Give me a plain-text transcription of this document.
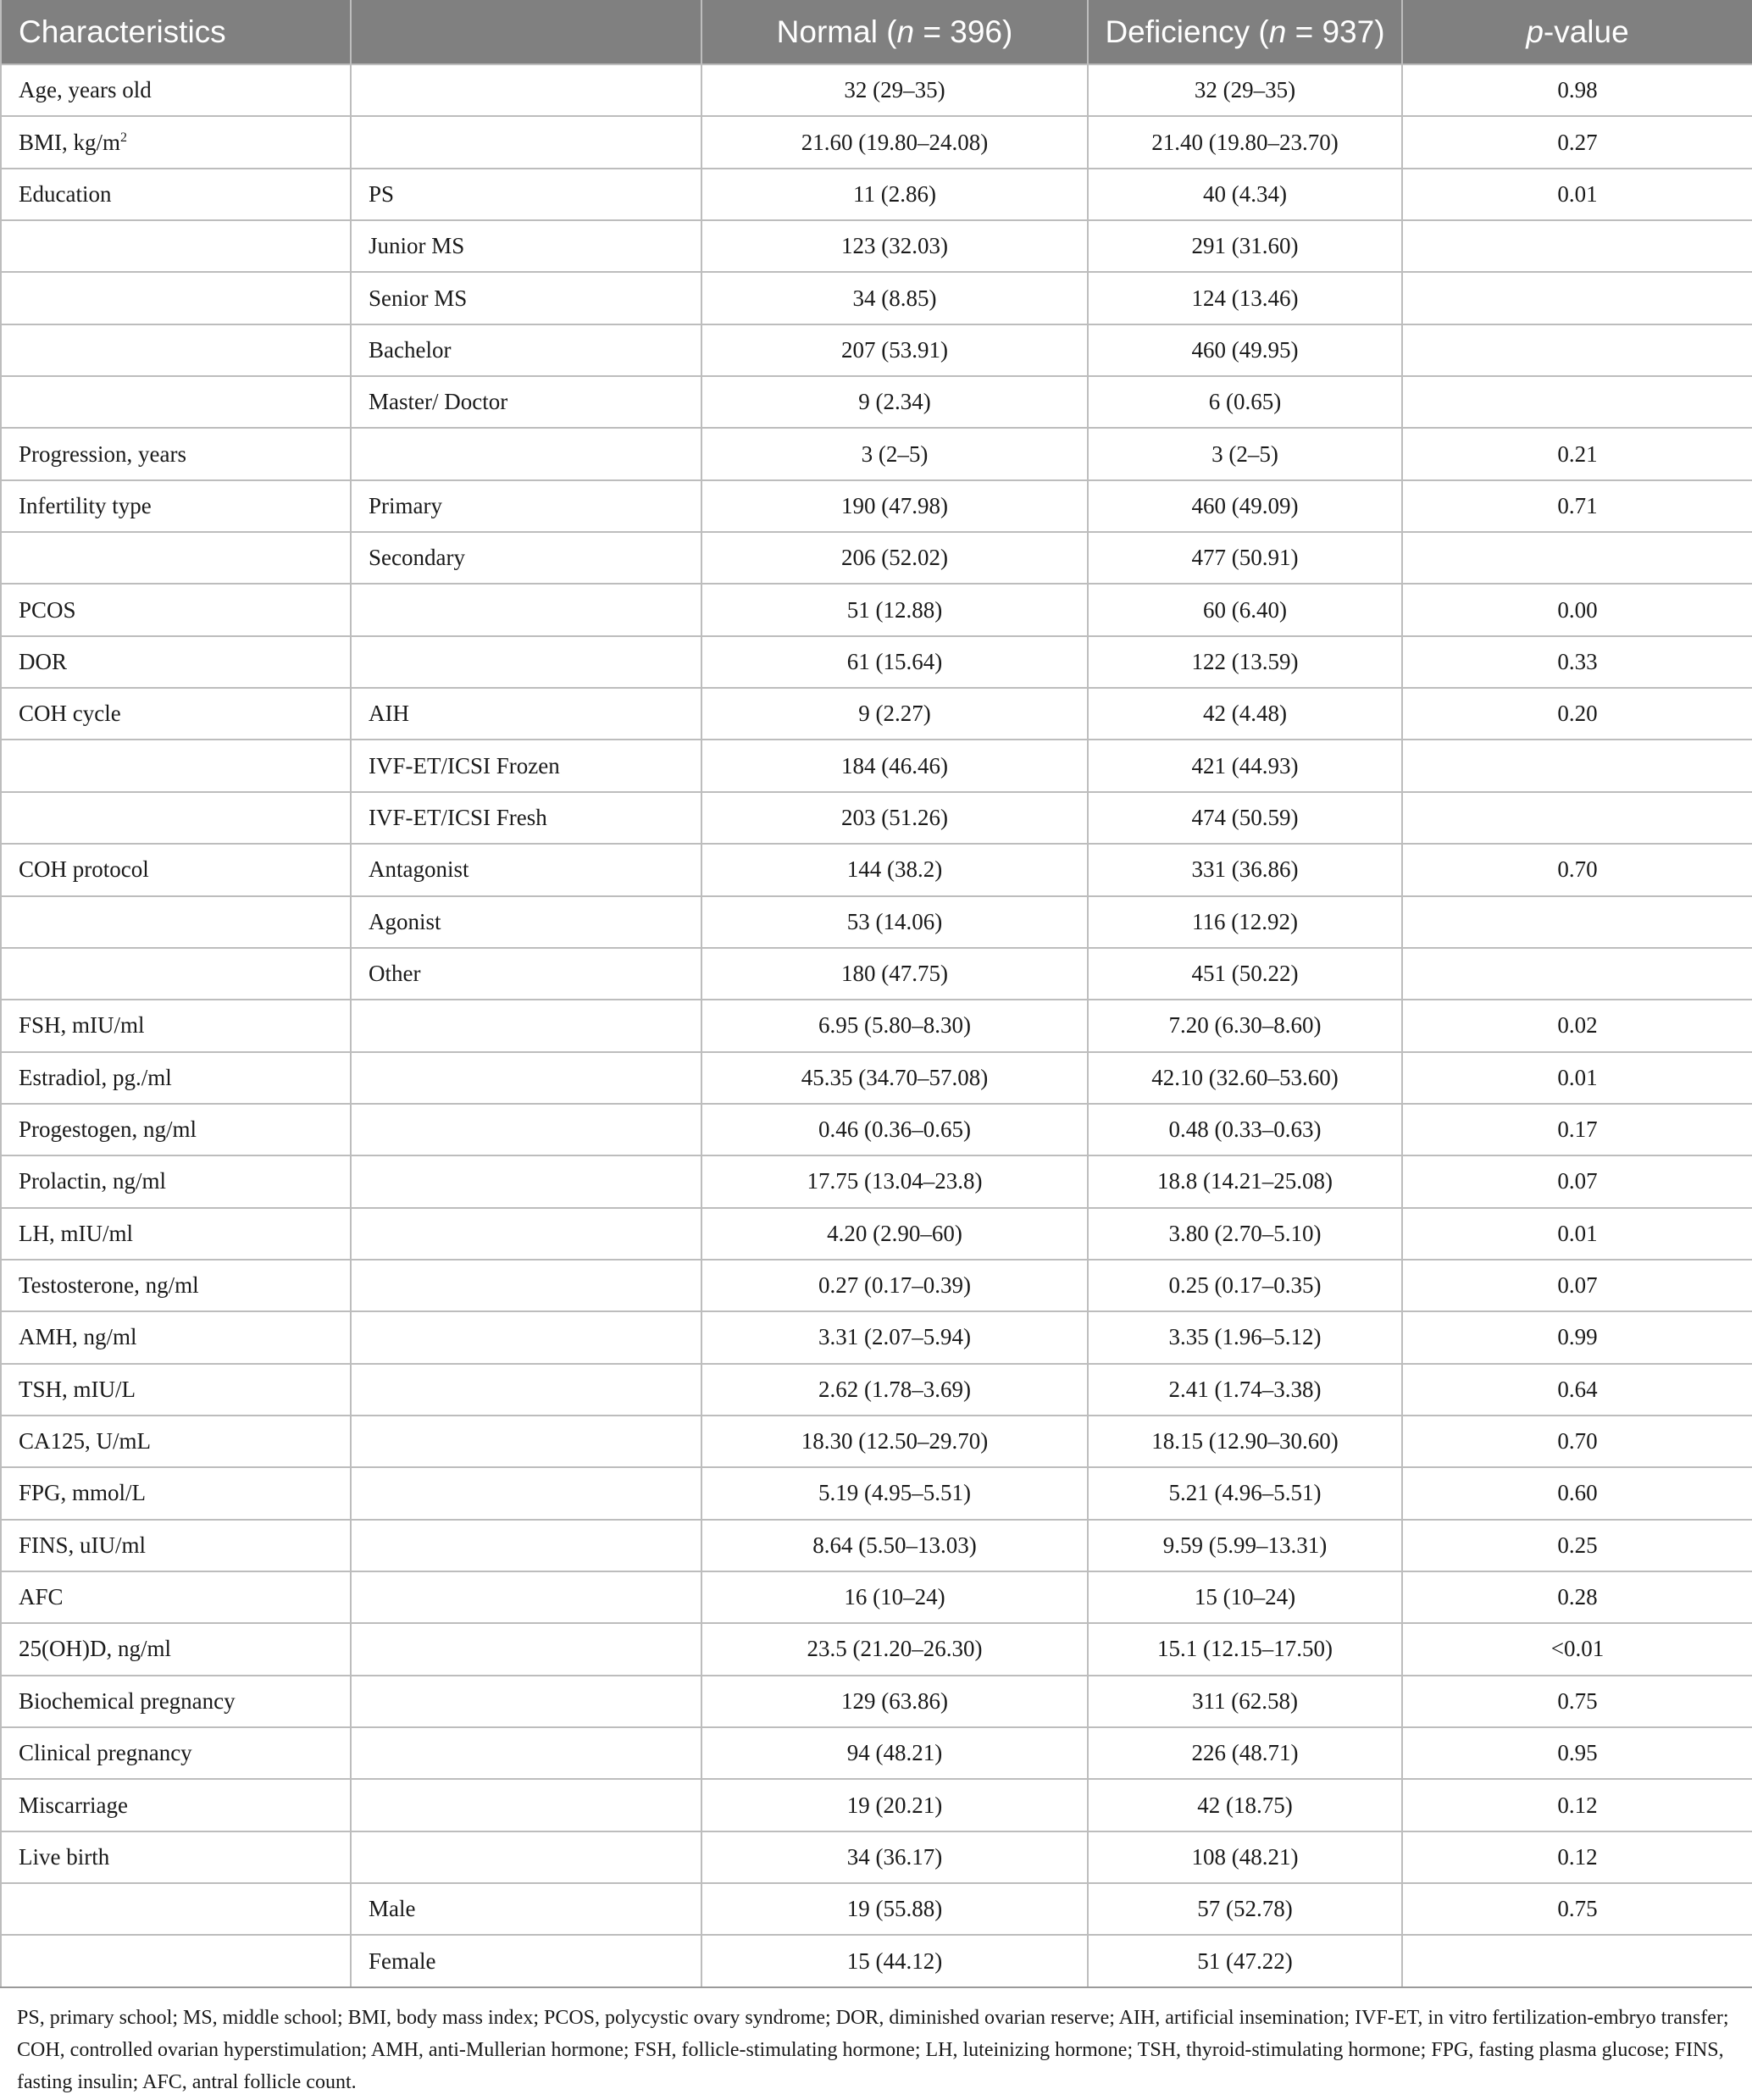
Characteristics		Normal (n = 396)	Deficiency (n = 937)	p-value
Age, years old		32 (29–35)	32 (29–35)	0.98
BMI, $kg/m^2$		21.60 (19.80–24.08)	21.40 (19.80–23.70)	0.27
Education	PS	11 (2.86)	40 (4.34)	0.01
	Junior MS	123 (32.03)	291 (31.60)	
	Senior MS	34 (8.85)	124 (13.46)	
	Bachelor	207 (53.91)	460 (49.95)	
	Master/ Doctor	9 (2.34)	6 (0.65)	
Progression, years		3 (2–5)	3 (2–5)	0.21
Infertility type	Primary	190 (47.98)	460 (49.09)	0.71
	Secondary	206 (52.02)	477 (50.91)	
PCOS		51 (12.88)	60 (6.40)	0.00
DOR		61 (15.64)	122 (13.59)	0.33
COH cycle	AIH	9 (2.27)	42 (4.48)	0.20
	IVF-ET/ICSI Frozen	184 (46.46)	421 (44.93)	
	IVF-ET/ICSI Fresh	203 (51.26)	474 (50.59)	
COH protocol	Antagonist	144 (38.2)	331 (36.86)	0.70
	Agonist	53 (14.06)	116 (12.92)	
	Other	180 (47.75)	451 (50.22)	
FSH, mIU/ml		6.95 (5.80–8.30)	7.20 (6.30–8.60)	0.02
Estradiol, pg./ml		45.35 (34.70–57.08)	42.10 (32.60–53.60)	0.01
Progestogen, ng/ml		0.46 (0.36–0.65)	0.48 (0.33–0.63)	0.17
Prolactin, ng/ml		17.75 (13.04–23.8)	18.8 (14.21–25.08)	0.07
LH, mIU/ml		4.20 (2.90–60)	3.80 (2.70–5.10)	0.01
Testosterone, ng/ml		0.27 (0.17–0.39)	0.25 (0.17–0.35)	0.07
AMH, ng/ml		3.31 (2.07–5.94)	3.35 (1.96–5.12)	0.99
TSH, mIU/L		2.62 (1.78–3.69)	2.41 (1.74–3.38)	0.64
CA125, U/mL		18.30 (12.50–29.70)	18.15 (12.90–30.60)	0.70
FPG, mmol/L		5.19 (4.95–5.51)	5.21 (4.96–5.51)	0.60
FINS, uIU/ml		8.64 (5.50–13.03)	9.59 (5.99–13.31)	0.25
AFC		16 (10–24)	15 (10–24)	0.28
25(OH)D, ng/ml		23.5 (21.20–26.30)	15.1 (12.15–17.50)	<0.01
Biochemical pregnancy		129 (63.86)	311 (62.58)	0.75
Clinical pregnancy		94 (48.21)	226 (48.71)	0.95
Miscarriage		19 (20.21)	42 (18.75)	0.12
Live birth		34 (36.17)	108 (48.21)	0.12
	Male	19 (55.88)	57 (52.78)	0.75
	Female	15 (44.12)	51 (47.22)	
PS, primary school; MS, middle school; BMI, body mass index; PCOS, polycystic ovary syndrome; DOR, diminished ovarian reserve; AIH, artificial insemination; IVF-ET, in vitro fertilization-embryo transfer; COH, controlled ovarian hyperstimulation; AMH, anti-Mullerian hormone; FSH, follicle-stimulating hormone; LH, luteinizing hormone; TSH, thyroid-stimulating hormone; FPG, fasting plasma glucose; FINS, fasting insulin; AFC, antral follicle count.
